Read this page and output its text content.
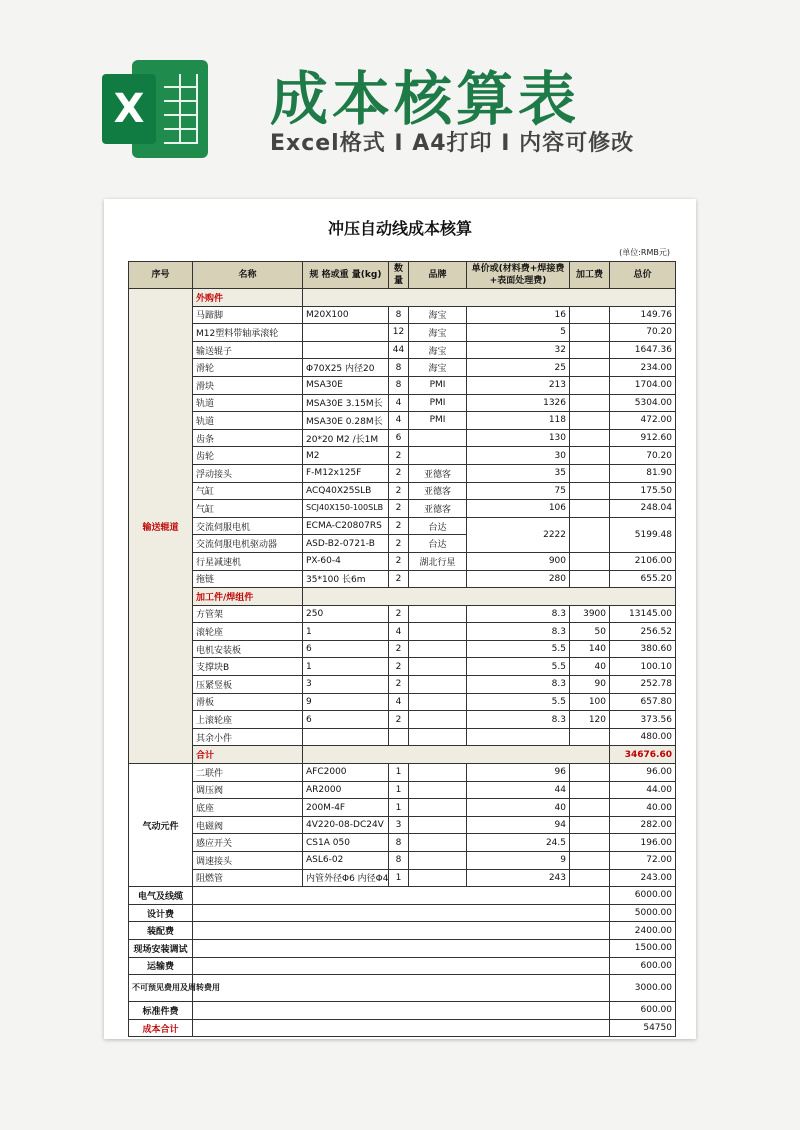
X 成本核算表
Excel格式 I A4打印 I 内容可修改
冲压自动线成本核算
(单位:RMB元)
序号	名称	规 格或重 量(kg)	数量	品牌	单价或(材料费+焊接费+表面处理费)	加工费	总价
输送辊道	外购件						
	马蹄脚	M20X100	8	海宝	16		149.76
	M12塑料带轴承滚轮		12	海宝	5		70.20
	输送辊子		44	海宝	32		1647.36
	滑轮	Φ70X25 内径20	8	海宝	25		234.00
	滑块	MSA30E	8	PMI	213		1704.00
	轨道	MSA30E 3.15M长	4	PMI	1326		5304.00
	轨道	MSA30E 0.28M长	4	PMI	118		472.00
	齿条	20*20 M2 /长1M	6		130		912.60
	齿轮	M2	2		30		70.20
	浮动接头	F-M12x125F	2	亚德客	35		81.90
	气缸	ACQ40X25SLB	2	亚德客	75		175.50
	气缸	SCJ40X150-100SLB	2	亚德客	106		248.04
	交流伺服电机	ECMA-C20807RS	2	台达	2222		5199.48
	交流伺服电机驱动器	ASD-B2-0721-B	2	台达			
	行星减速机	PX-60-4	2	湖北行星	900		2106.00
	拖链	35*100 长6m	2		280		655.20
	加工件/焊组件						
	方管架	250	2		8.3	3900	13145.00
	滚轮座	1	4		8.3	50	256.52
	电机安装板	6	2		5.5	140	380.60
	支撑块B	1	2		5.5	40	100.10
	压紧竖板	3	2		8.3	90	252.78
	滑板	9	4		5.5	100	657.80
	上滚轮座	6	2		8.3	120	373.56
	其余小件						480.00
	合计						34676.60
气动元件	二联件	AFC2000	1		96		96.00
	调压阀	AR2000	1		44		44.00
	底座	200M-4F	1		40		40.00
	电磁阀	4V220-08-DC24V	3		94		282.00
	感应开关	CS1A 050	8		24.5		196.00
	调速接头	ASL6-02	8		9		72.00
	阻燃管	内管外径Φ6 内径Φ4	1		243		243.00
电气及线缆							6000.00
设计费							5000.00
装配费							2400.00
现场安装调试							1500.00
运输费							600.00
不可预见费用及周转费用							3000.00
标准件费							600.00
成本合计							54750
